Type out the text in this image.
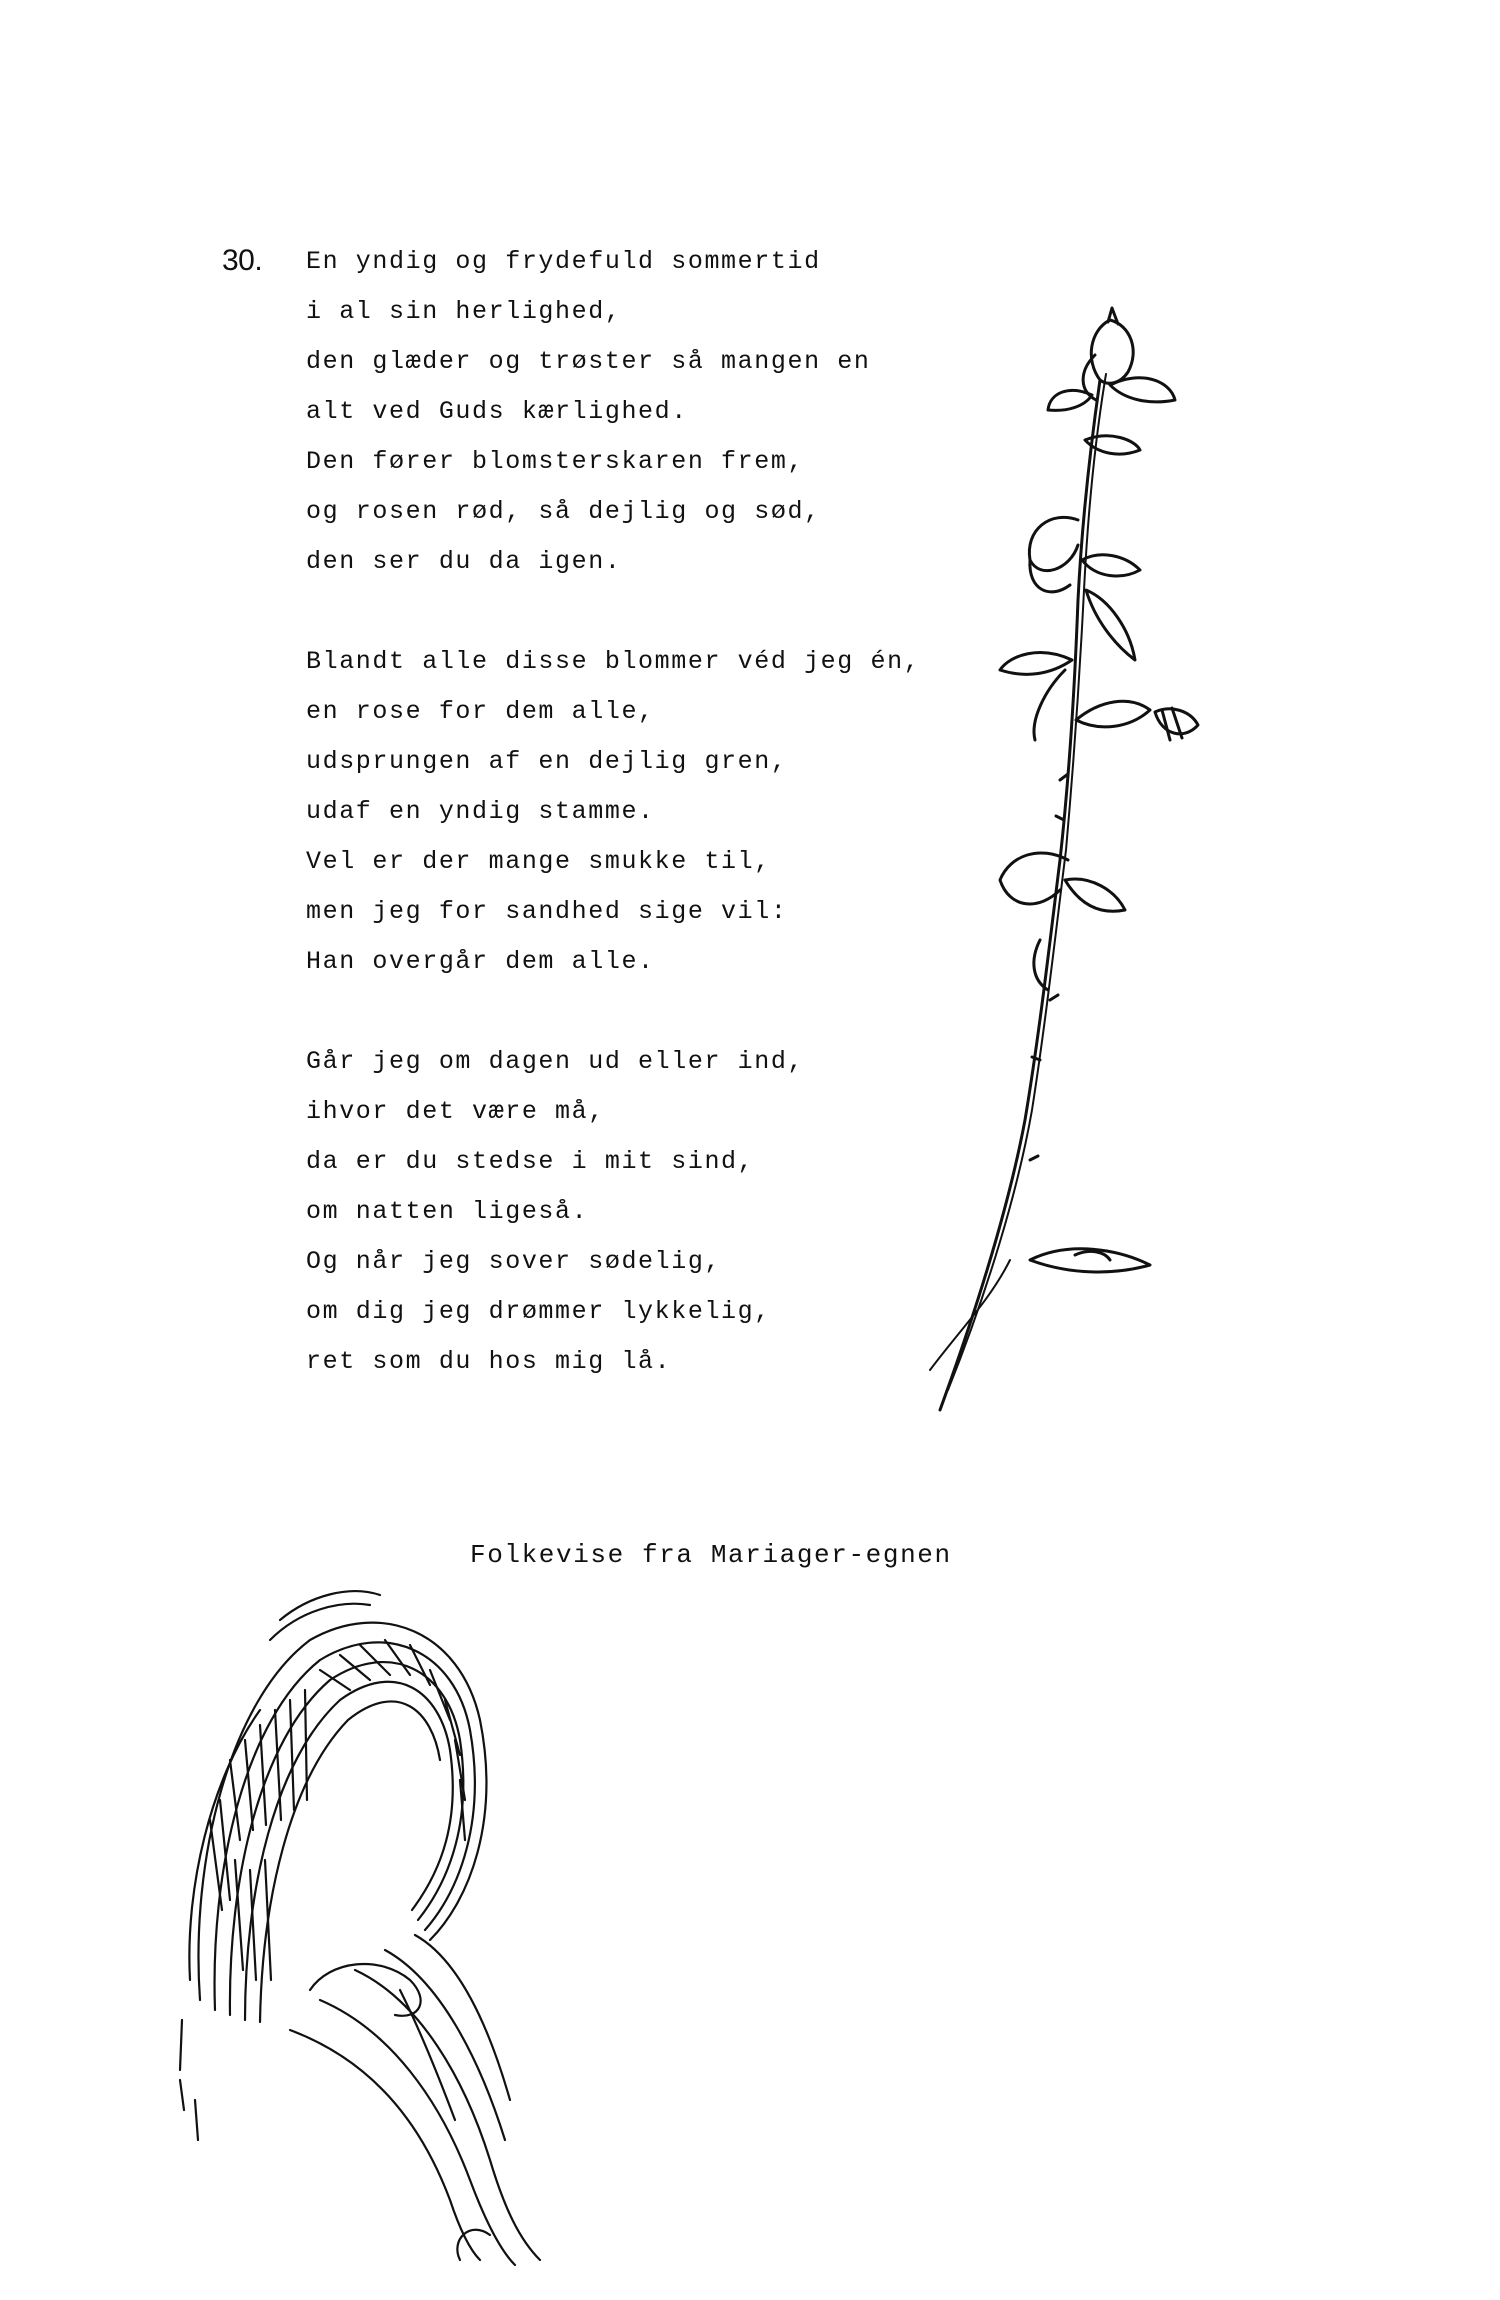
30. En yndig og frydefuld sommertid
i al sin herlighed,
den glæder og trøster så mangen en
alt ved Guds kærlighed.
Den fører blomsterskaren frem,
og rosen rød, så dejlig og sød,
den ser du da igen.
Blandt alle disse blommer véd jeg én,
en rose for dem alle,
udsprungen af en dejlig gren,
udaf en yndig stamme.
Vel er der mange smukke til,
men jeg for sandhed sige vil:
Han overgår dem alle.
Går jeg om dagen ud eller ind,
ihvor det være må,
da er du stedse i mit sind,
om natten ligeså.
Og når jeg sover sødelig,
om dig jeg drømmer lykkelig,
ret som du hos mig lå.
Folkevise fra Mariager-egnen
